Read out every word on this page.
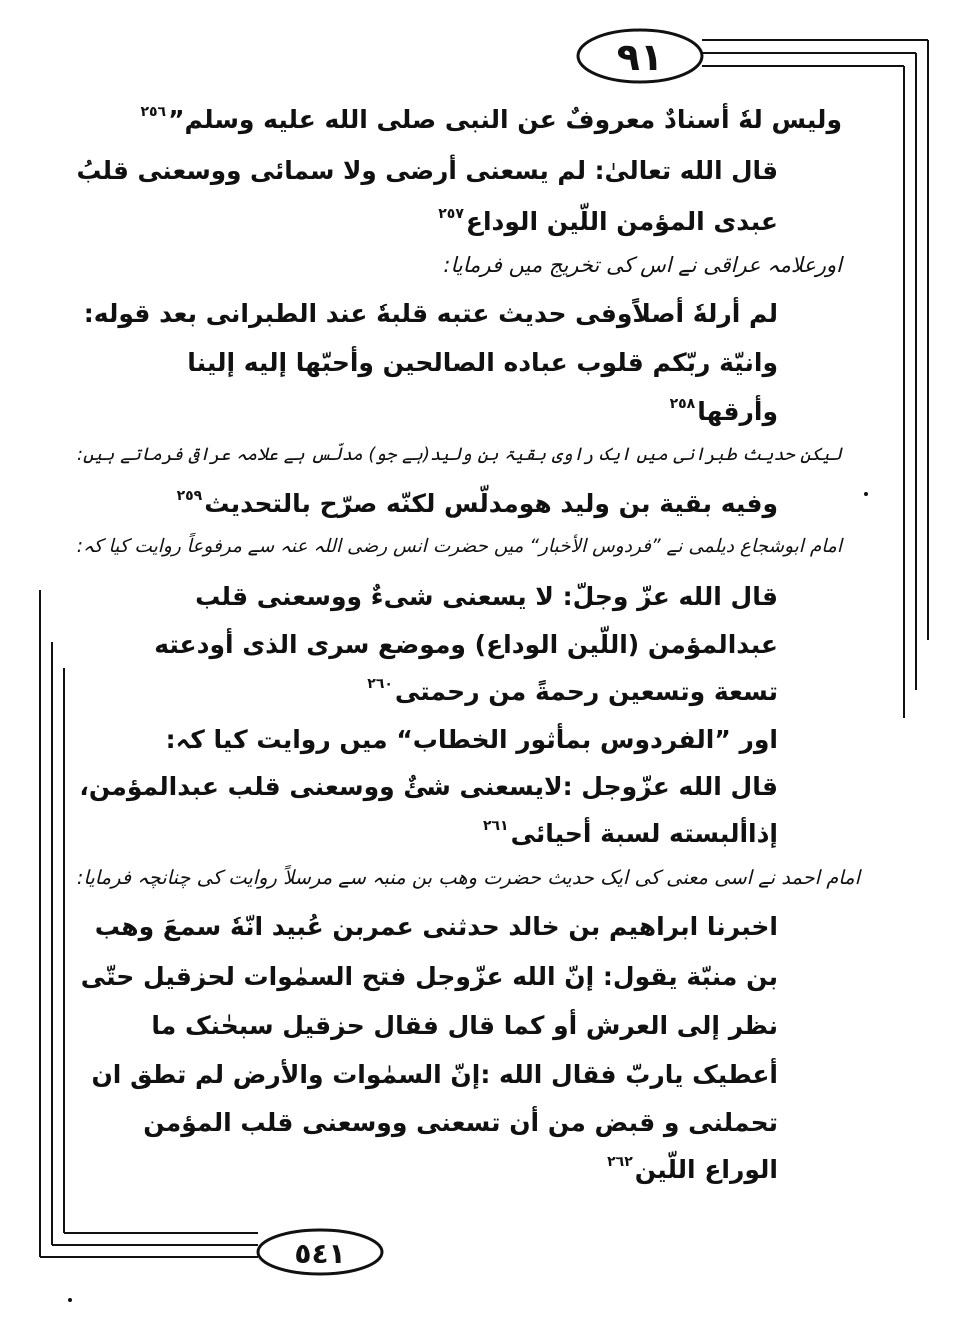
٩١
٥٤١
وليس لهٗ أسنادٌ معروفٌ عن النبی صلی الله علیه وسلم”$^{٢٥٦}$
قال الله تعالیٰ: لم یسعنی أرضی ولا سمائی ووسعنی قلبُ
عبدی المؤمن اللّین الوداع$^{٢٥٧}$
اورعلامہ عراقی نے اس کی تخریج میں فرمایا:
لم أرلهٗ أصلاًوفی حدیث عتبه قلبهٗ عند الطبرانی بعد قوله:
وانیّة ربّکم قلوب عباده الصالحین وأحبّها إلیه إلینا
وأرقها$^{٢٥٨}$
لیکن حدیث طبرانی میں ایک راوی بقیۃ بن ولید(ہے جو) مدلّس ہے علامہ عراقی فرماتے ہیں:
وفیه بقیة بن ولید هومدلّس لکنّه صرّح بالتحدیث$^{٢٥٩}$
امام ابوشجاع دیلمی نے ”فردوس الأخبار“ میں حضرت انس رضی اللہ عنہ سے مرفوعاً روایت کیا کہ:
قال الله عزّ وجلّ: لا یسعنی شیءٌ ووسعنی قلب
عبدالمؤمن (اللّین الوداع) وموضع سری الذی أودعته
تسعة وتسعین رحمةً من رحمتی$^{٢٦٠}$
اور ”الفردوس بمأثور الخطاب“ میں روایت کیا کہ:
قال الله عزّوجل :لایسعنی شئٌ ووسعنی قلب عبدالمؤمن،
إذاألبسته لسبة أحیائی$^{٢٦١}$
امام احمد نے اسی معنی کی ایک حدیث حضرت وهب بن منبہ سے مرسلاً روایت کی چنانچہ فرمایا:
اخبرنا ابراهیم بن خالد حدثنی عمربن عُبید انّهٗ سمعَ وهب
بن منبّة یقول: إنّ الله عزّوجل فتح السمٰوات لحزقیل حتّی
نظر إلی العرش أو کما قال فقال حزقیل سبحٰنک ما
أعطیک یاربّ فقال الله :إنّ السمٰوات والأرض لم تطق ان
تحملنی و قبض من أن تسعنی ووسعنی قلب المؤمن
الوراع اللّین$^{٢٦٢}$
